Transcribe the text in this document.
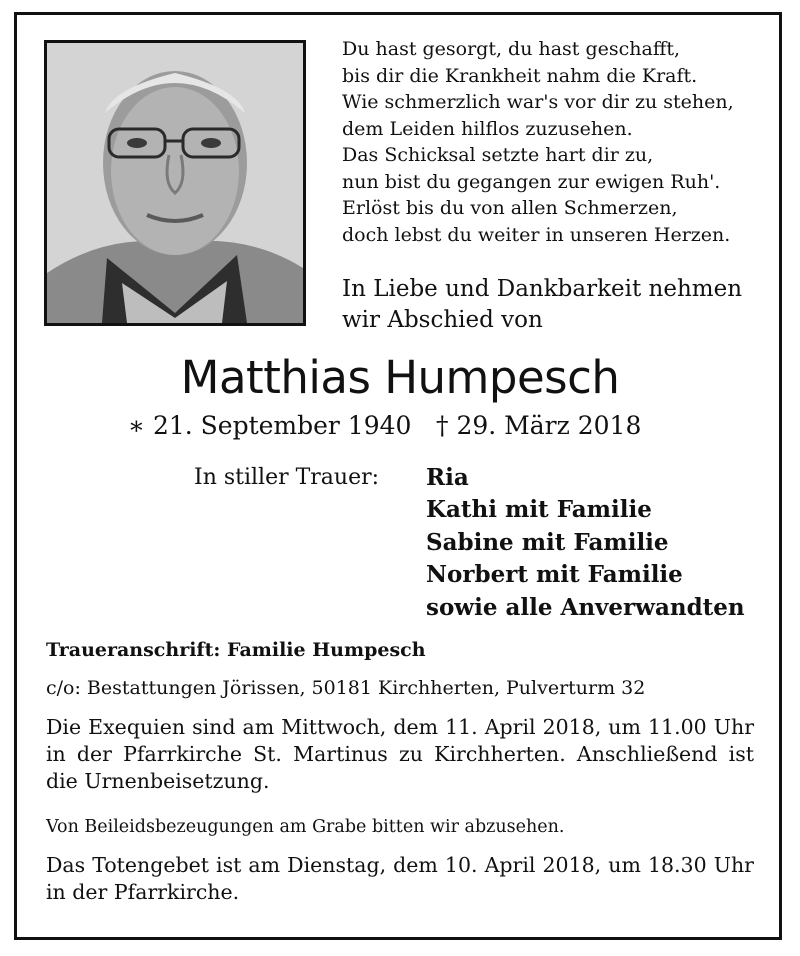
Du hast gesorgt, du hast geschafft,
bis dir die Krankheit nahm die Kraft.
Wie schmerzlich war's vor dir zu stehen,
dem Leiden hilflos zuzusehen.
Das Schicksal setzte hart dir zu,
nun bist du gegangen zur ewigen Ruh'.
Erlöst bis du von allen Schmerzen,
doch lebst du weiter in unseren Herzen.
In Liebe und Dankbarkeit nehmen
wir Abschied von
Matthias Humpesch
∗ 21. September 1940 † 29. März 2018
In stiller Trauer: Ria
Kathi mit Familie
Sabine mit Familie
Norbert mit Familie
sowie alle Anverwandten
Traueranschrift: Familie Humpesch
c/o: Bestattungen Jörissen, 50181 Kirchherten, Pulverturm 32
Die Exequien sind am Mittwoch, dem 11. April 2018, um 11.00 Uhr in der Pfarrkirche St. Martinus zu Kirchherten. Anschließend ist die Urnenbeisetzung.
Von Beileidsbezeugungen am Grabe bitten wir abzusehen.
Das Totengebet ist am Dienstag, dem 10. April 2018, um 18.30 Uhr in der Pfarrkirche.
